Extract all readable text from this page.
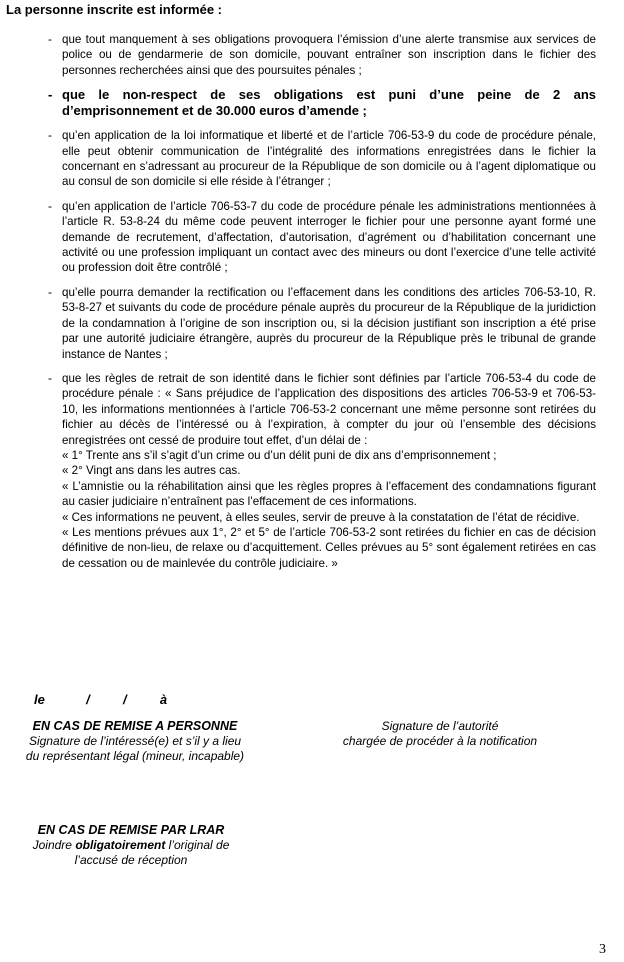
La personne inscrite est informée :
- que tout manquement à ses obligations provoquera l’émission d’une alerte transmise aux services de police ou de gendarmerie de son domicile, pouvant entraîner son inscription dans le fichier des personnes recherchées ainsi que des poursuites pénales ;
- que le non-respect de ses obligations est puni d’une peine de 2 ans d’emprisonnement et de 30.000 euros d’amende ;
- qu’en application de la loi informatique et liberté et de l’article 706-53-9 du code de procédure pénale, elle peut obtenir communication de l’intégralité des informations enregistrées dans le fichier la concernant en s’adressant au procureur de la République de son domicile ou à l’agent diplomatique ou au consul de son domicile si elle réside à l’étranger ;
- qu’en application de l’article 706-53-7 du code de procédure pénale les administrations mentionnées à l’article R. 53-8-24 du même code peuvent interroger le fichier pour une personne ayant formé une demande de recrutement, d’affectation, d’autorisation, d’agrément ou d’habilitation concernant une activité ou une profession impliquant un contact avec des mineurs ou dont l’exercice d’une telle activité ou profession doit être contrôlé ;
- qu’elle pourra demander la rectification ou l’effacement dans les conditions des articles 706-53-10, R. 53-8-27 et suivants du code de procédure pénale auprès du procureur de la République de la juridiction de la condamnation à l’origine de son inscription ou, si la décision justifiant son inscription a été prise par une autorité judiciaire étrangère, auprès du procureur de la République près le tribunal de grande instance de Nantes ;
- que les règles de retrait de son identité dans le fichier sont définies par l’article 706-53-4 du code de procédure pénale : « Sans préjudice de l’application des dispositions des articles 706-53-9 et 706-53-10, les informations mentionnées à l’article 706-53-2 concernant une même personne sont retirées du fichier au décès de l’intéressé ou à l’expiration, à compter du jour où l’ensemble des décisions enregistrées ont cessé de produire tout effet, d’un délai de :

« 1° Trente ans s’il s’agit d’un crime ou d’un délit puni de dix ans d’emprisonnement ;

« 2° Vingt ans dans les autres cas.

« L’amnistie ou la réhabilitation ainsi que les règles propres à l’effacement des condamnations figurant au casier judiciaire n’entraînent pas l’effacement de ces informations.

« Ces informations ne peuvent, à elles seules, servir de preuve à la constatation de l’état de récidive.

« Les mentions prévues aux 1°, 2° et 5° de l’article 706-53-2 sont retirées du fichier en cas de décision définitive de non-lieu, de relaxe ou d’acquittement. Celles prévues au 5° sont également retirées en cas de cessation ou de mainlevée du contrôle judiciaire. »

le	/	/	à
EN CAS DE REMISE A PERSONNE
Signature de l’intéressé(e) et s’il y a lieu
du représentant légal (mineur, incapable)
Signature de l’autorité
chargée de procéder à la notification
EN CAS DE REMISE PAR LRAR
Joindre obligatoirement l’original de
l’accusé de réception
3
